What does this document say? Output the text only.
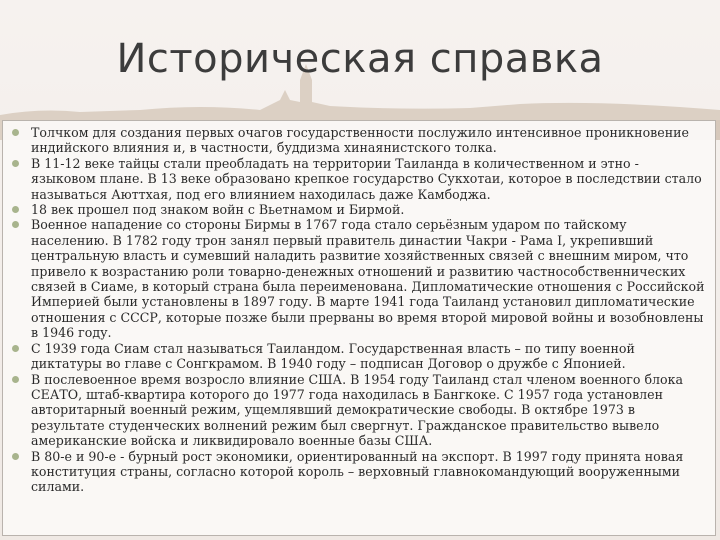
Историческая справка
Толчком для создания первых очагов государственности послужило интенсивное проникновение индийского влияния и, в частности, буддизма хинаянистского толка.
В 11-12 веке тайцы стали преобладать на территории Таиланда в количественном и этно - языковом плане. В 13 веке образовано крепкое государство Сукхотаи, которое в последствии стало называться Аюттхая, под его влиянием находилась даже Камбоджа.
18 век прошел под знаком войн с Вьетнамом и Бирмой.
Военное нападение со стороны Бирмы в 1767 года стало серьёзным ударом по тайскому населению. В 1782 году трон занял первый правитель династии Чакри - Рама I, укрепивший центральную власть и сумевший наладить развитие хозяйственных связей с внешним миром, что привело к возрастанию роли товарно-денежных отношений и развитию частнособственнических связей в Сиаме, в который страна была переименована. Дипломатические отношения с Российской Империей были установлены в 1897 году. В марте 1941 года Таиланд установил дипломатические отношения с СССР, которые позже были прерваны во время второй мировой войны и возобновлены в 1946 году.
С 1939 года Сиам стал называться Таиландом. Государственная власть – по типу военной диктатуры во главе с Сонгкрамом. В 1940 году – подписан Договор о дружбе с Японией.
В послевоенное время возросло влияние США. В 1954 году Таиланд стал членом военного блока СЕАТО, штаб-квартира которого до 1977 года находилась в Бангкоке. С 1957 года установлен авторитарный военный режим, ущемлявший демократические свободы. В октябре 1973 в результате студенческих волнений режим был свергнут. Гражданское правительство вывело американские войска и ликвидировало военные базы США.
В 80-е и 90-е - бурный рост экономики, ориентированный на экспорт. В 1997 году принята новая конституция страны, согласно которой король – верховный главнокомандующий вооруженными силами.
